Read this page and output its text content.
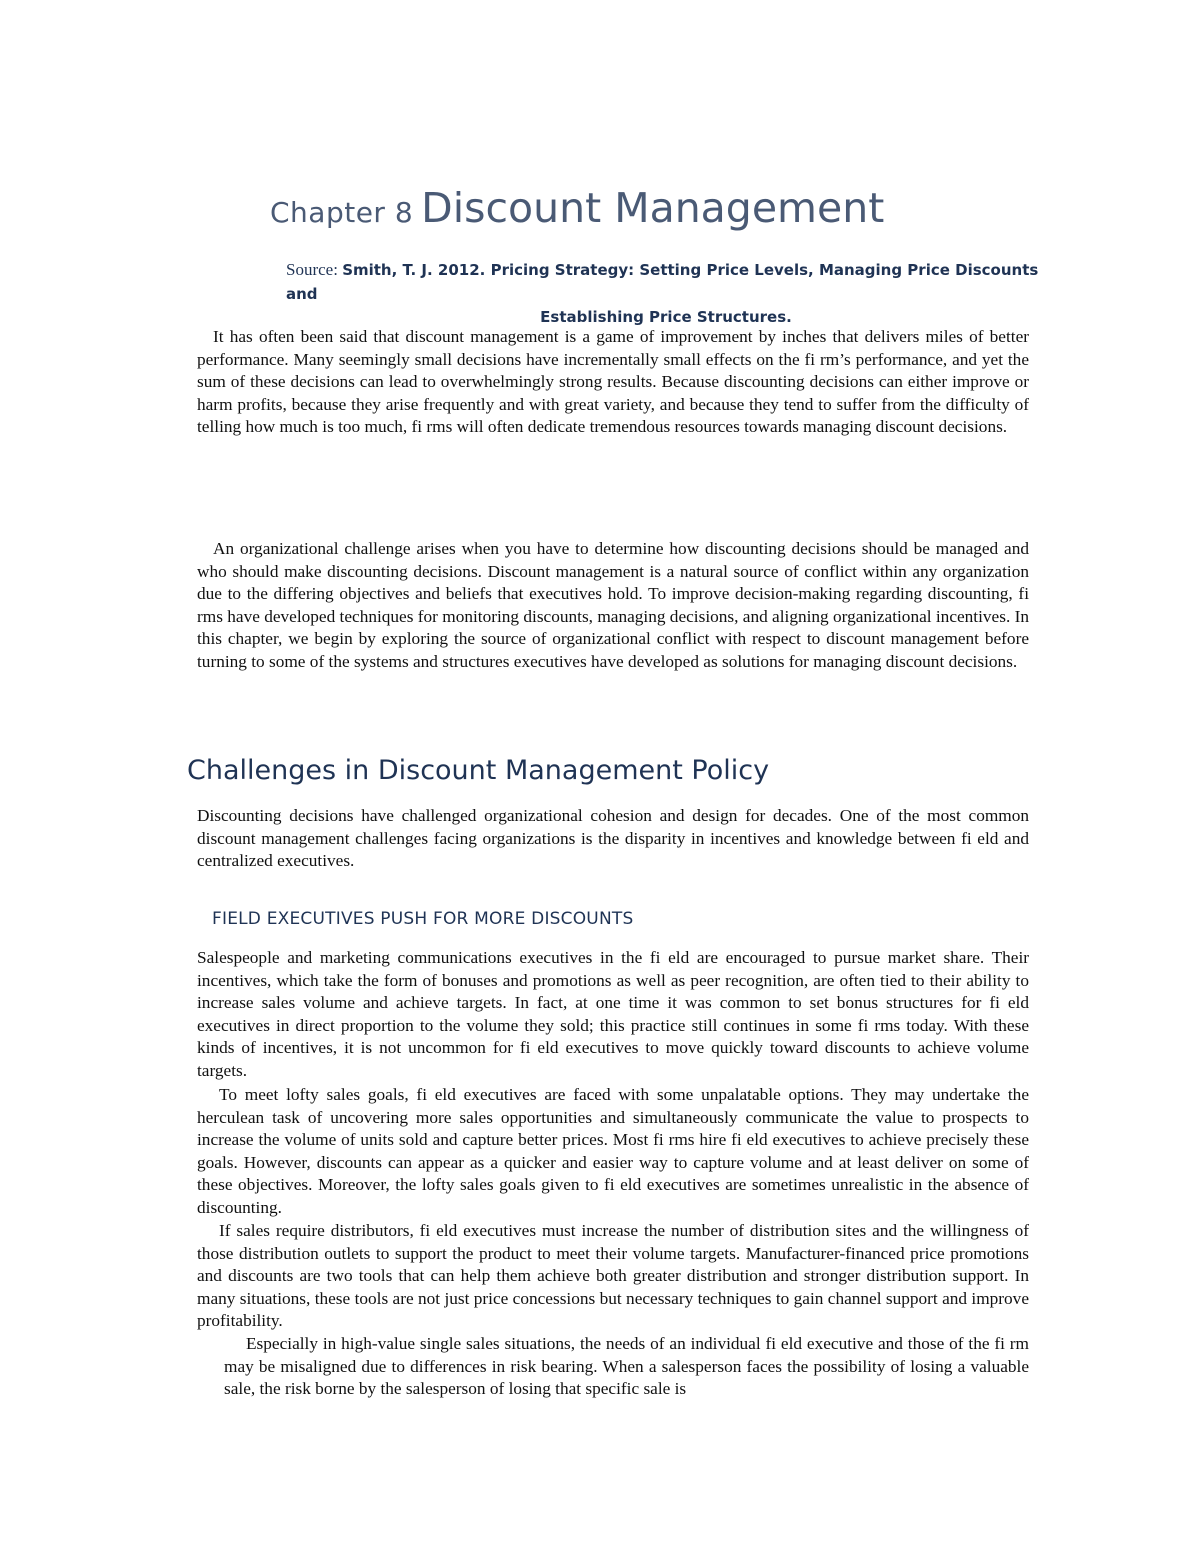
Chapter 8 Discount Management
Source: Smith, T. J. 2012. Pricing Strategy: Setting Price Levels, Managing Price Discounts and
Establishing Price Structures.

It has often been said that discount management is a game of improvement by inches that delivers miles of better performance. Many seemingly small decisions have incrementally small effects on the fi rm’s performance, and yet the sum of these decisions can lead to overwhelmingly strong results. Because discounting decisions can either improve or harm profits, because they arise frequently and with great variety, and because they tend to suffer from the difficulty of telling how much is too much, fi rms will often dedicate tremendous resources towards managing discount decisions.

An organizational challenge arises when you have to determine how discounting decisions should be managed and who should make discounting decisions. Discount management is a natural source of conflict within any organization due to the differing objectives and beliefs that executives hold. To improve decision-making regarding discounting, fi rms have developed techniques for monitoring discounts, managing decisions, and aligning organizational incentives. In this chapter, we begin by exploring the source of organizational conflict with respect to discount management before turning to some of the systems and structures executives have developed as solutions for managing discount decisions.

Challenges in Discount Management Policy

Discounting decisions have challenged organizational cohesion and design for decades. One of the most common discount management challenges facing organizations is the disparity in incentives and knowledge between fi eld and centralized executives.

FIELD EXECUTIVES PUSH FOR MORE DISCOUNTS

Salespeople and marketing communications executives in the fi eld are encouraged to pursue market share. Their incentives, which take the form of bonuses and promotions as well as peer recognition, are often tied to their ability to increase sales volume and achieve targets. In fact, at one time it was common to set bonus structures for fi eld executives in direct proportion to the volume they sold; this practice still continues in some fi rms today. With these kinds of incentives, it is not uncommon for fi eld executives to move quickly toward discounts to achieve volume targets.

To meet lofty sales goals, fi eld executives are faced with some unpalatable options. They may undertake the herculean task of uncovering more sales opportunities and simultaneously communicate the value to prospects to increase the volume of units sold and capture better prices. Most fi rms hire fi eld executives to achieve precisely these goals. However, discounts can appear as a quicker and easier way to capture volume and at least deliver on some of these objectives. Moreover, the lofty sales goals given to fi eld executives are sometimes unrealistic in the absence of discounting.

If sales require distributors, fi eld executives must increase the number of distribution sites and the willingness of those distribution outlets to support the product to meet their volume targets. Manufacturer-financed price promotions and discounts are two tools that can help them achieve both greater distribution and stronger distribution support. In many situations, these tools are not just price concessions but necessary techniques to gain channel support and improve profitability.

Especially in high-value single sales situations, the needs of an individual fi eld executive and those of the fi rm may be misaligned due to differences in risk bearing. When a salesperson faces the possibility of losing a valuable sale, the risk borne by the salesperson of losing that specific sale is
